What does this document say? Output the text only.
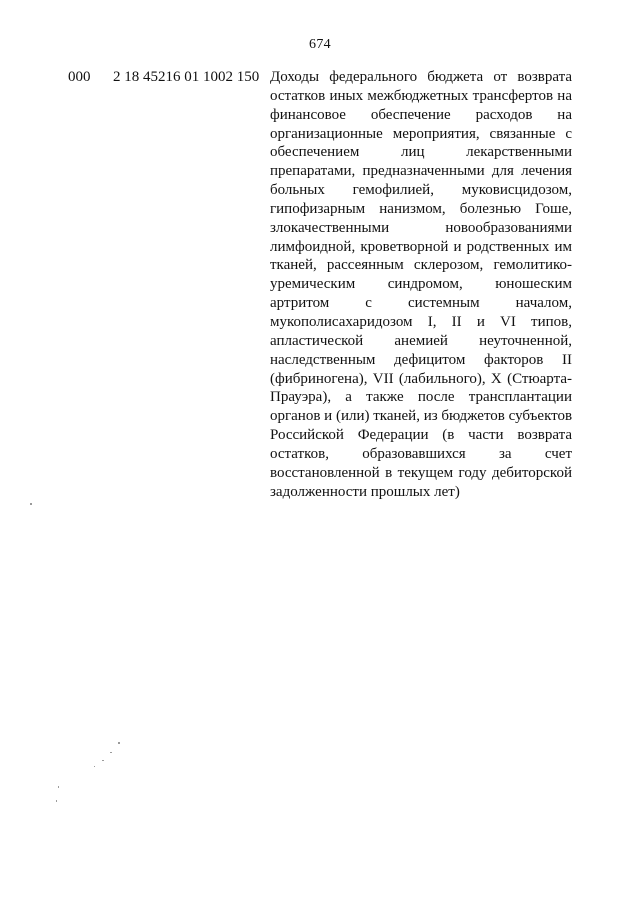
674
000 2 18 45216 01 1002 150 Доходы федерального бюджета от возврата
остатков иных межбюджетных трансфертов на
финансовое обеспечение расходов на
организационные мероприятия, связанные с
обеспечением лиц лекарственными
препаратами, предназначенными для лечения
больных гемофилией, муковисцидозом,
гипофизарным нанизмом, болезнью Гоше,
злокачественными новообразованиями
лимфоидной, кроветворной и родственных им
тканей, рассеянным склерозом, гемолитико-
уремическим синдромом, юношеским
артритом с системным началом,
мукополисахаридозом I, II и VI типов,
апластической анемией неуточненной,
наследственным дефицитом факторов II
(фибриногена), VII (лабильного), X (Стюарта-
Прауэра), а также после трансплантации
органов и (или) тканей, из бюджетов субъектов
Российской Федерации (в части возврата
остатков, образовавшихся за счет
восстановленной в текущем году дебиторской
задолженности прошлых лет)
